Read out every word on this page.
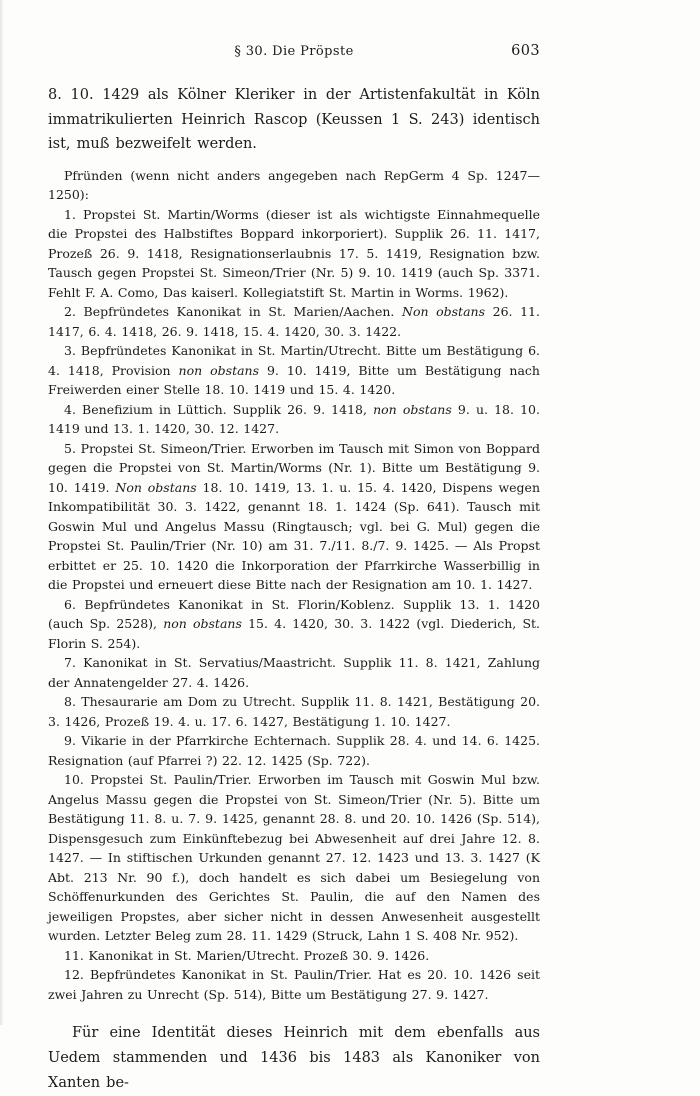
§ 30. Die Pröpste	603

8. 10. 1429 als Kölner Kleriker in der Artistenfakultät in Köln immatrikulierten Heinrich Rascop (Keussen 1 S. 243) identisch ist, muß bezweifelt werden.

Pfründen (wenn nicht anders angegeben nach RepGerm 4 Sp. 1247—1250):

1. Propstei St. Martin/Worms (dieser ist als wichtigste Einnahmequelle die Propstei des Halbstiftes Boppard inkorporiert). Supplik 26. 11. 1417, Prozeß 26. 9. 1418, Resignationserlaubnis 17. 5. 1419, Resignation bzw. Tausch gegen Propstei St. Simeon/Trier (Nr. 5) 9. 10. 1419 (auch Sp. 3371. Fehlt F. A. Como, Das kaiserl. Kollegiatstift St. Martin in Worms. 1962).

2. Bepfründetes Kanonikat in St. Marien/Aachen. Non obstans 26. 11. 1417, 6. 4. 1418, 26. 9. 1418, 15. 4. 1420, 30. 3. 1422.

3. Bepfründetes Kanonikat in St. Martin/Utrecht. Bitte um Bestätigung 6. 4. 1418, Provision non obstans 9. 10. 1419, Bitte um Bestätigung nach Freiwerden einer Stelle 18. 10. 1419 und 15. 4. 1420.

4. Benefizium in Lüttich. Supplik 26. 9. 1418, non obstans 9. u. 18. 10. 1419 und 13. 1. 1420, 30. 12. 1427.

5. Propstei St. Simeon/Trier. Erworben im Tausch mit Simon von Boppard gegen die Propstei von St. Martin/Worms (Nr. 1). Bitte um Bestätigung 9. 10. 1419. Non obstans 18. 10. 1419, 13. 1. u. 15. 4. 1420, Dispens wegen Inkompatibilität 30. 3. 1422, genannt 18. 1. 1424 (Sp. 641). Tausch mit Goswin Mul und Angelus Massu (Ringtausch; vgl. bei G. Mul) gegen die Propstei St. Paulin/Trier (Nr. 10) am 31. 7./11. 8./7. 9. 1425. — Als Propst erbittet er 25. 10. 1420 die Inkorporation der Pfarrkirche Wasserbillig in die Propstei und erneuert diese Bitte nach der Resignation am 10. 1. 1427.

6. Bepfründetes Kanonikat in St. Florin/Koblenz. Supplik 13. 1. 1420 (auch Sp. 2528), non obstans 15. 4. 1420, 30. 3. 1422 (vgl. Diederich, St. Florin S. 254).

7. Kanonikat in St. Servatius/Maastricht. Supplik 11. 8. 1421, Zahlung der Annatengelder 27. 4. 1426.

8. Thesaurarie am Dom zu Utrecht. Supplik 11. 8. 1421, Bestätigung 20. 3. 1426, Prozeß 19. 4. u. 17. 6. 1427, Bestätigung 1. 10. 1427.

9. Vikarie in der Pfarrkirche Echternach. Supplik 28. 4. und 14. 6. 1425. Resignation (auf Pfarrei ?) 22. 12. 1425 (Sp. 722).

10. Propstei St. Paulin/Trier. Erworben im Tausch mit Goswin Mul bzw. Angelus Massu gegen die Propstei von St. Simeon/Trier (Nr. 5). Bitte um Bestätigung 11. 8. u. 7. 9. 1425, genannt 28. 8. und 20. 10. 1426 (Sp. 514), Dispensgesuch zum Einkünftebezug bei Abwesenheit auf drei Jahre 12. 8. 1427. — In stiftischen Urkunden genannt 27. 12. 1423 und 13. 3. 1427 (K Abt. 213 Nr. 90 f.), doch handelt es sich dabei um Besiegelung von Schöffenurkunden des Gerichtes St. Paulin, die auf den Namen des jeweiligen Propstes, aber sicher nicht in dessen Anwesenheit ausgestellt wurden. Letzter Beleg zum 28. 11. 1429 (Struck, Lahn 1 S. 408 Nr. 952).

11. Kanonikat in St. Marien/Utrecht. Prozeß 30. 9. 1426.

12. Bepfründetes Kanonikat in St. Paulin/Trier. Hat es 20. 10. 1426 seit zwei Jahren zu Unrecht (Sp. 514), Bitte um Bestätigung 27. 9. 1427.

Für eine Identität dieses Heinrich mit dem ebenfalls aus Uedem stammenden und 1436 bis 1483 als Kanoniker von Xanten be-
